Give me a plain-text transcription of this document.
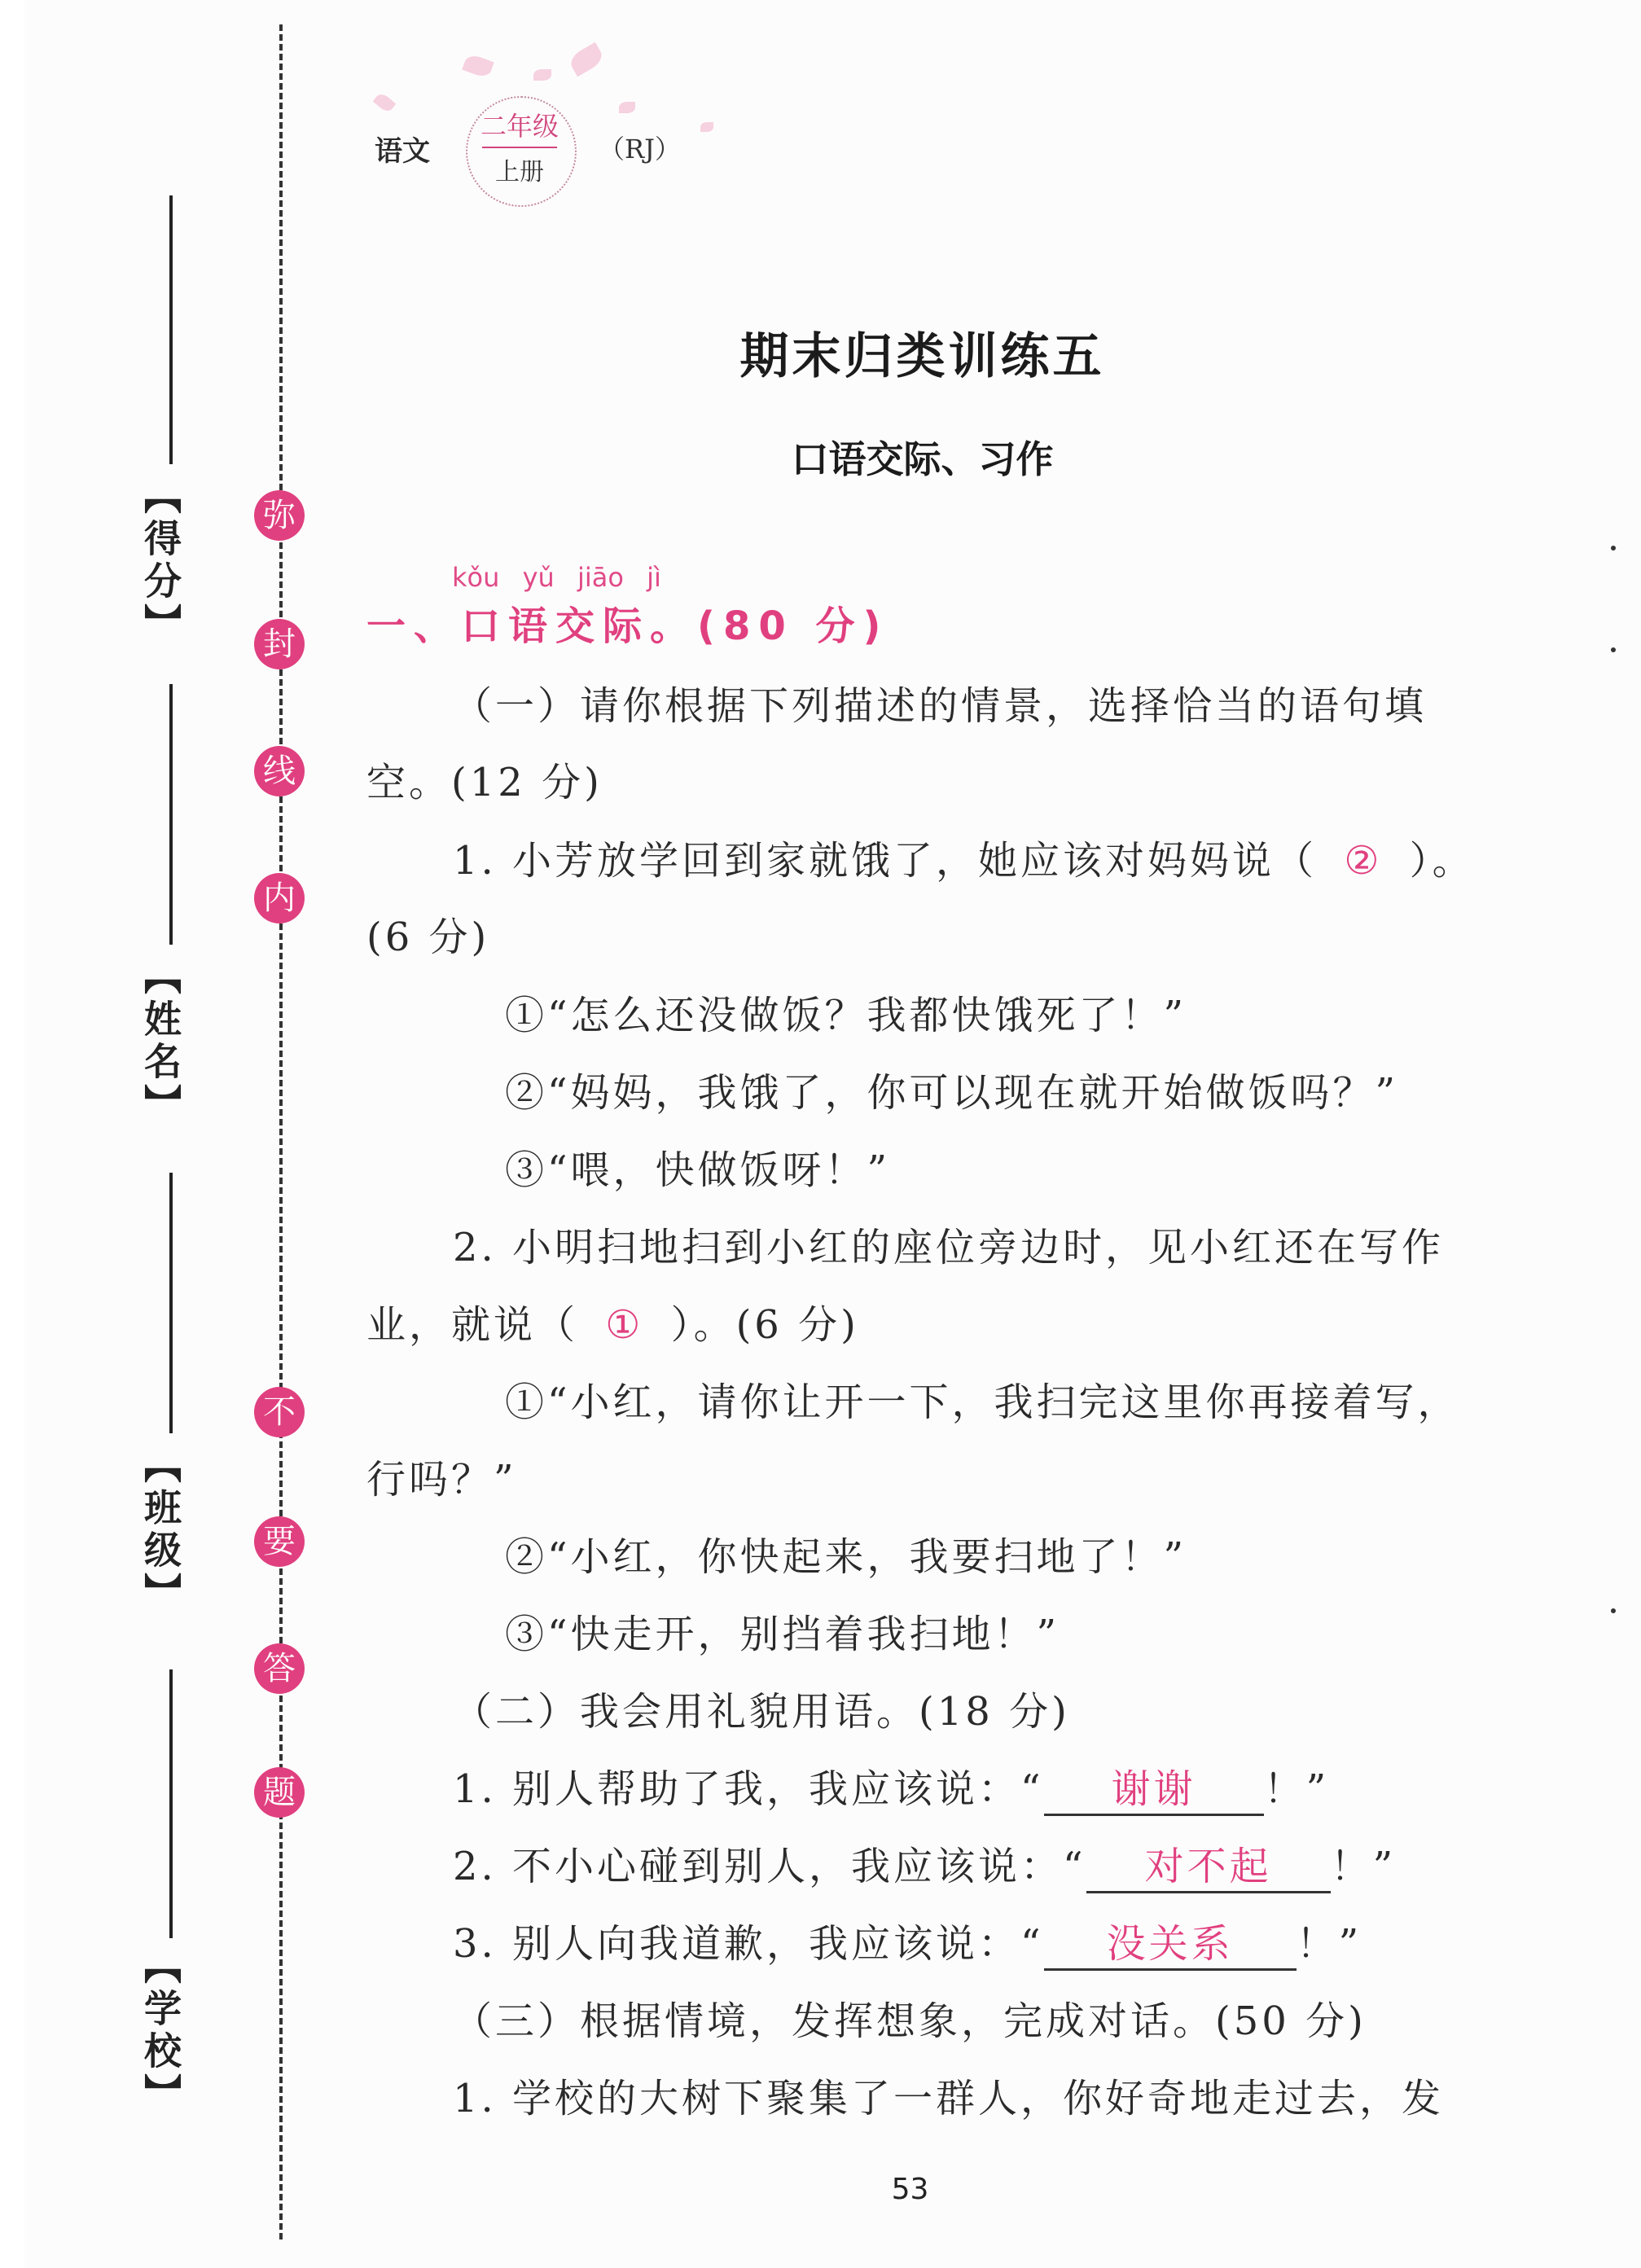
弥
封
线
内
不
要
答
题
【得分】
【姓名】
【班级】
【学校】
语文
二年级
上册
（RJ）
期末归类训练五
口语交际、习作
kǒu yǔ jiāo jì
一、口语交际。(80 分)
（一）请你根据下列描述的情景，选择恰当的语句填
空。(12 分)
1. 小芳放学回到家就饿了，她应该对妈妈说（ ② ）。
(6 分)
①“怎么还没做饭？我都快饿死了！”
②“妈妈，我饿了，你可以现在就开始做饭吗？”
③“喂，快做饭呀！”
2. 小明扫地扫到小红的座位旁边时，见小红还在写作
业，就说（ ① ）。(6 分)
①“小红，请你让开一下，我扫完这里你再接着写，
行吗？”
②“小红，你快起来，我要扫地了！”
③“快走开，别挡着我扫地！”
（二）我会用礼貌用语。(18 分)
1. 别人帮助了我，我应该说：“ 谢谢 ！”
2. 不小心碰到别人，我应该说：“ 对不起 ！”
3. 别人向我道歉，我应该说：“ 没关系 ！”
（三）根据情境，发挥想象，完成对话。(50 分)
1. 学校的大树下聚集了一群人，你好奇地走过去，发
53
